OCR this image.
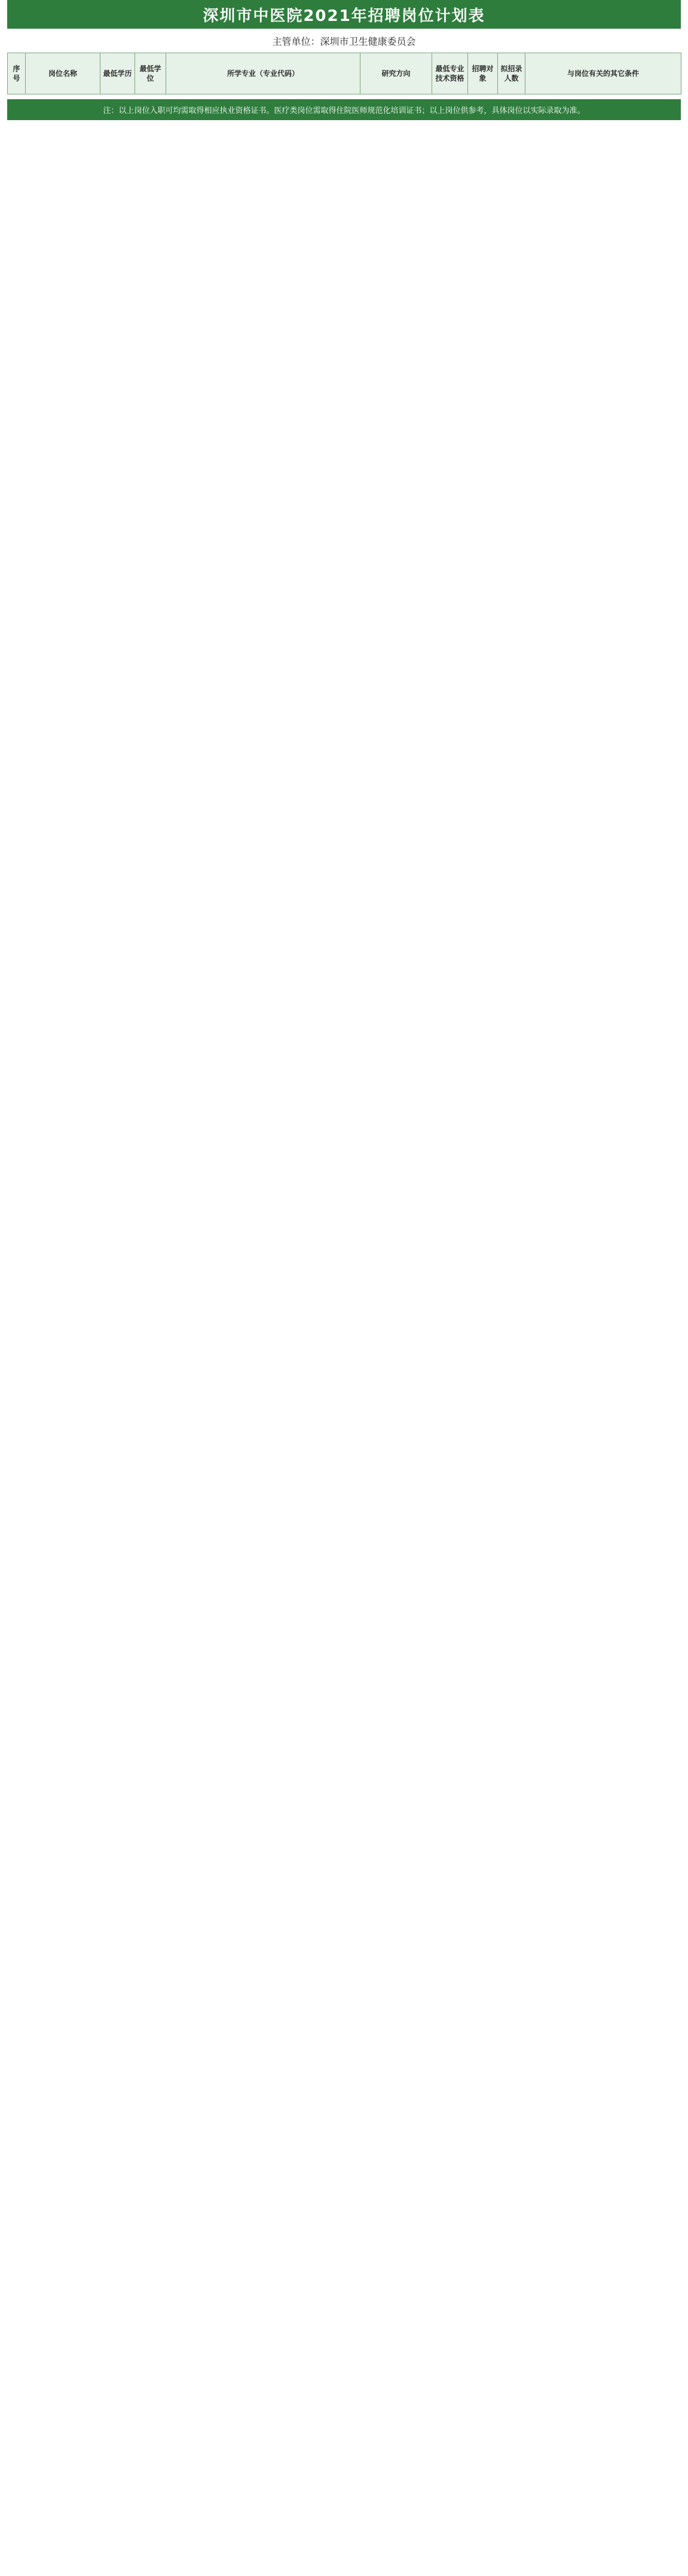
深圳市中医院2021年招聘岗位计划表
主管单位：深圳市卫生健康委员会
序号	岗位名称	最低学历	最低学位	所学专业（专业代码）	研究方向	最低专业技术资格	招聘对象	拟招录人数	与岗位有关的其它条件
注：以上岗位入职可均需取得相应执业资格证书。医疗类岗位需取得住院医师规范化培训证书；以上岗位供参考，具体岗位以实际录取为准。
